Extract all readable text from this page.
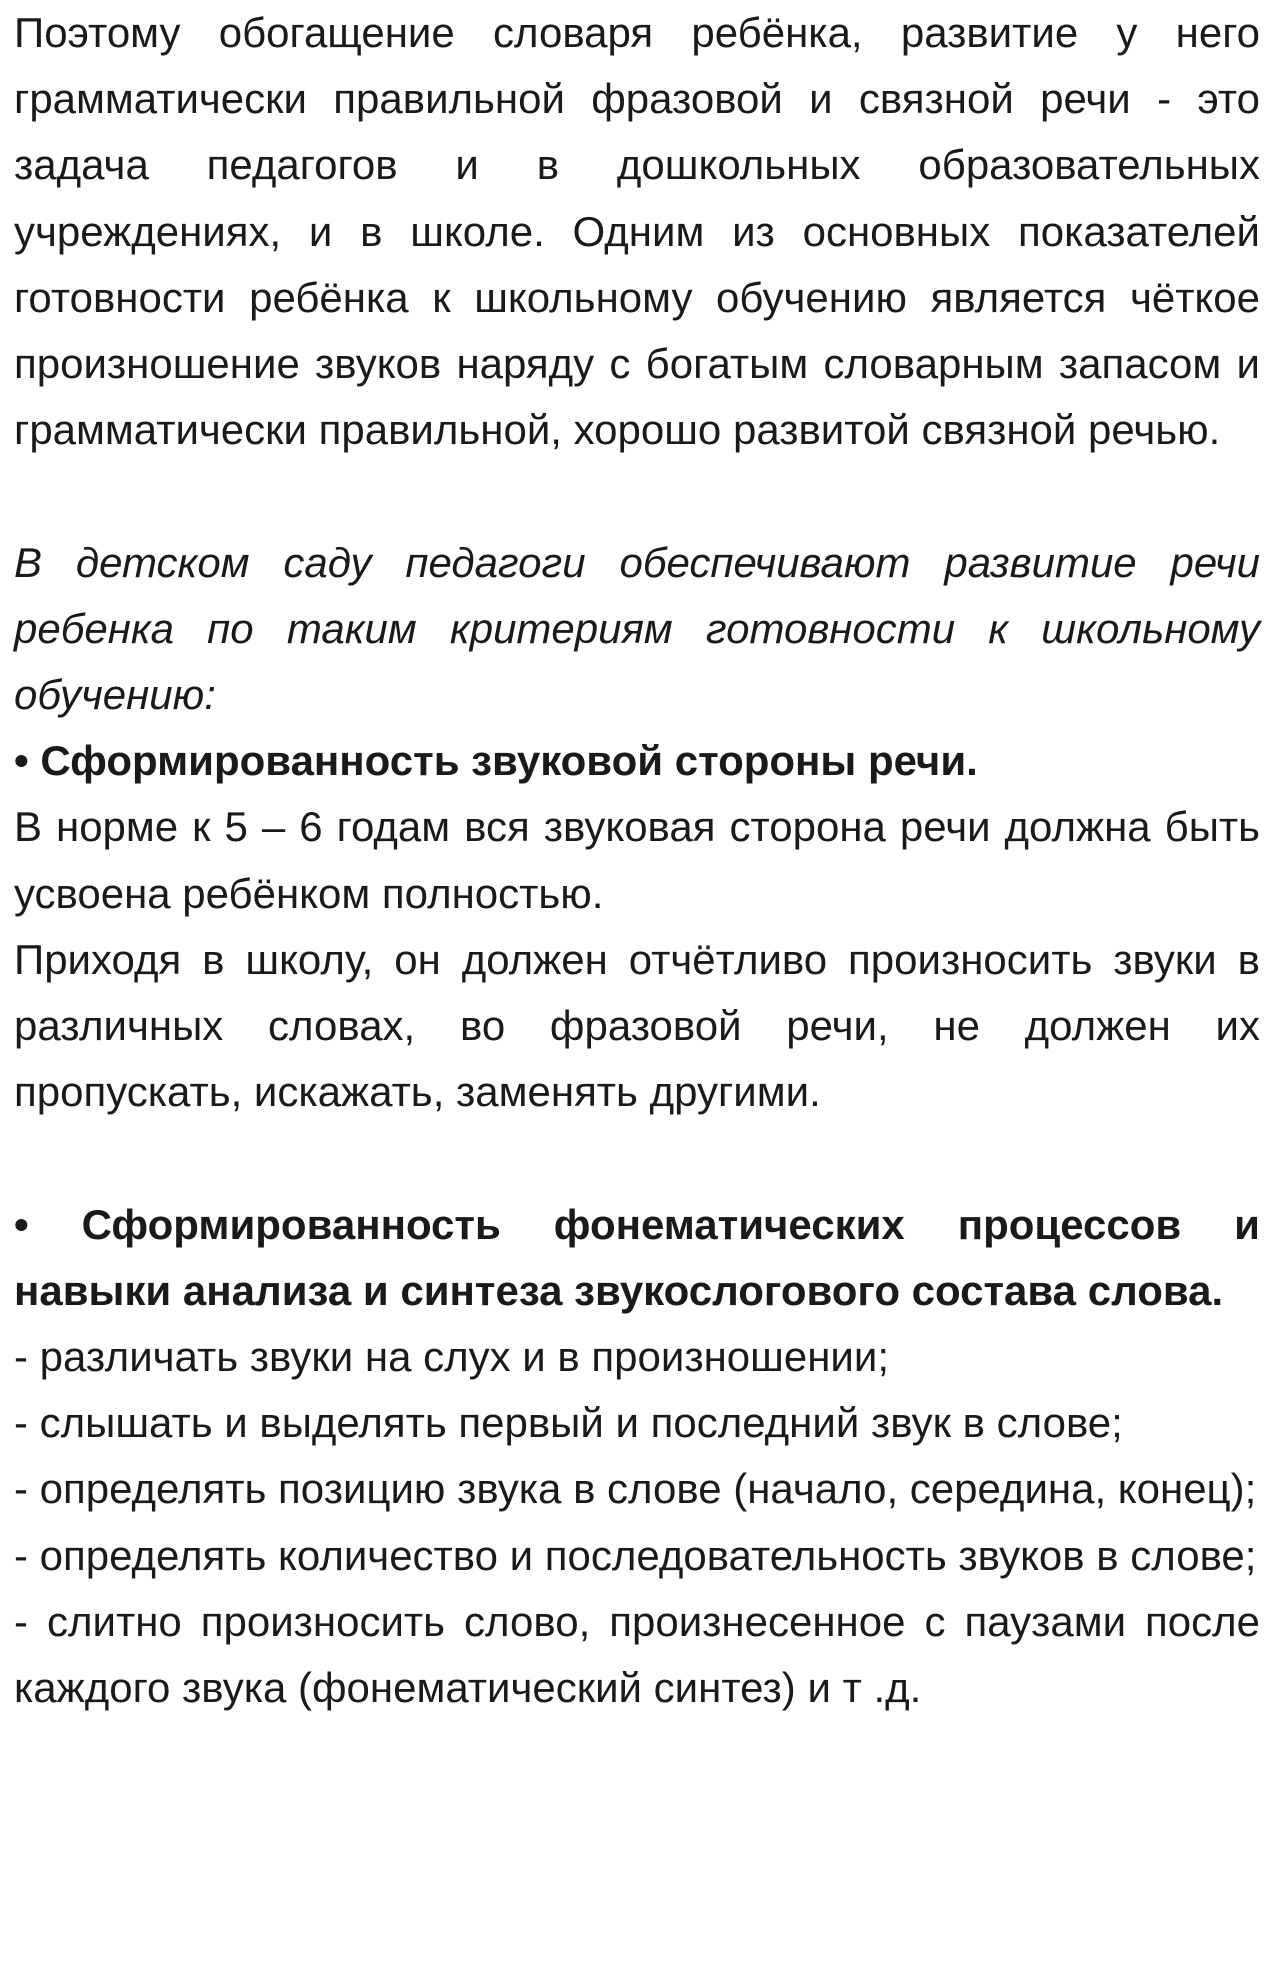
Поэтому обогащение словаря ребёнка, развитие у него грамматически правильной фразовой и связной речи - это задача педагогов и в дошкольных образовательных учреждениях, и в школе. Одним из основных показателей готовности ребёнка к школьному обучению является чёткое произношение звуков наряду с богатым словарным запасом и грамматически правильной, хорошо развитой связной речью.

В детском саду педагоги обеспечивают развитие речи ребенка по таким критериям готовности к школьному обучению:

• Сформированность звуковой стороны речи.

В норме к 5 – 6 годам вся звуковая сторона речи должна быть усвоена ребёнком полностью.

Приходя в школу, он должен отчётливо произносить звуки в различных словах, во фразовой речи, не должен их пропускать, искажать, заменять другими.

• Сформированность фонематических процессов и навыки анализа и синтеза звукослогового состава слова.

- различать звуки на слух и в произношении;

- слышать и выделять первый и последний звук в слове;

- определять позицию звука в слове (начало, середина, конец);

- определять количество и последовательность звуков в слове;

- слитно произносить слово, произнесенное с паузами после каждого звука (фонематический синтез) и т .д.
